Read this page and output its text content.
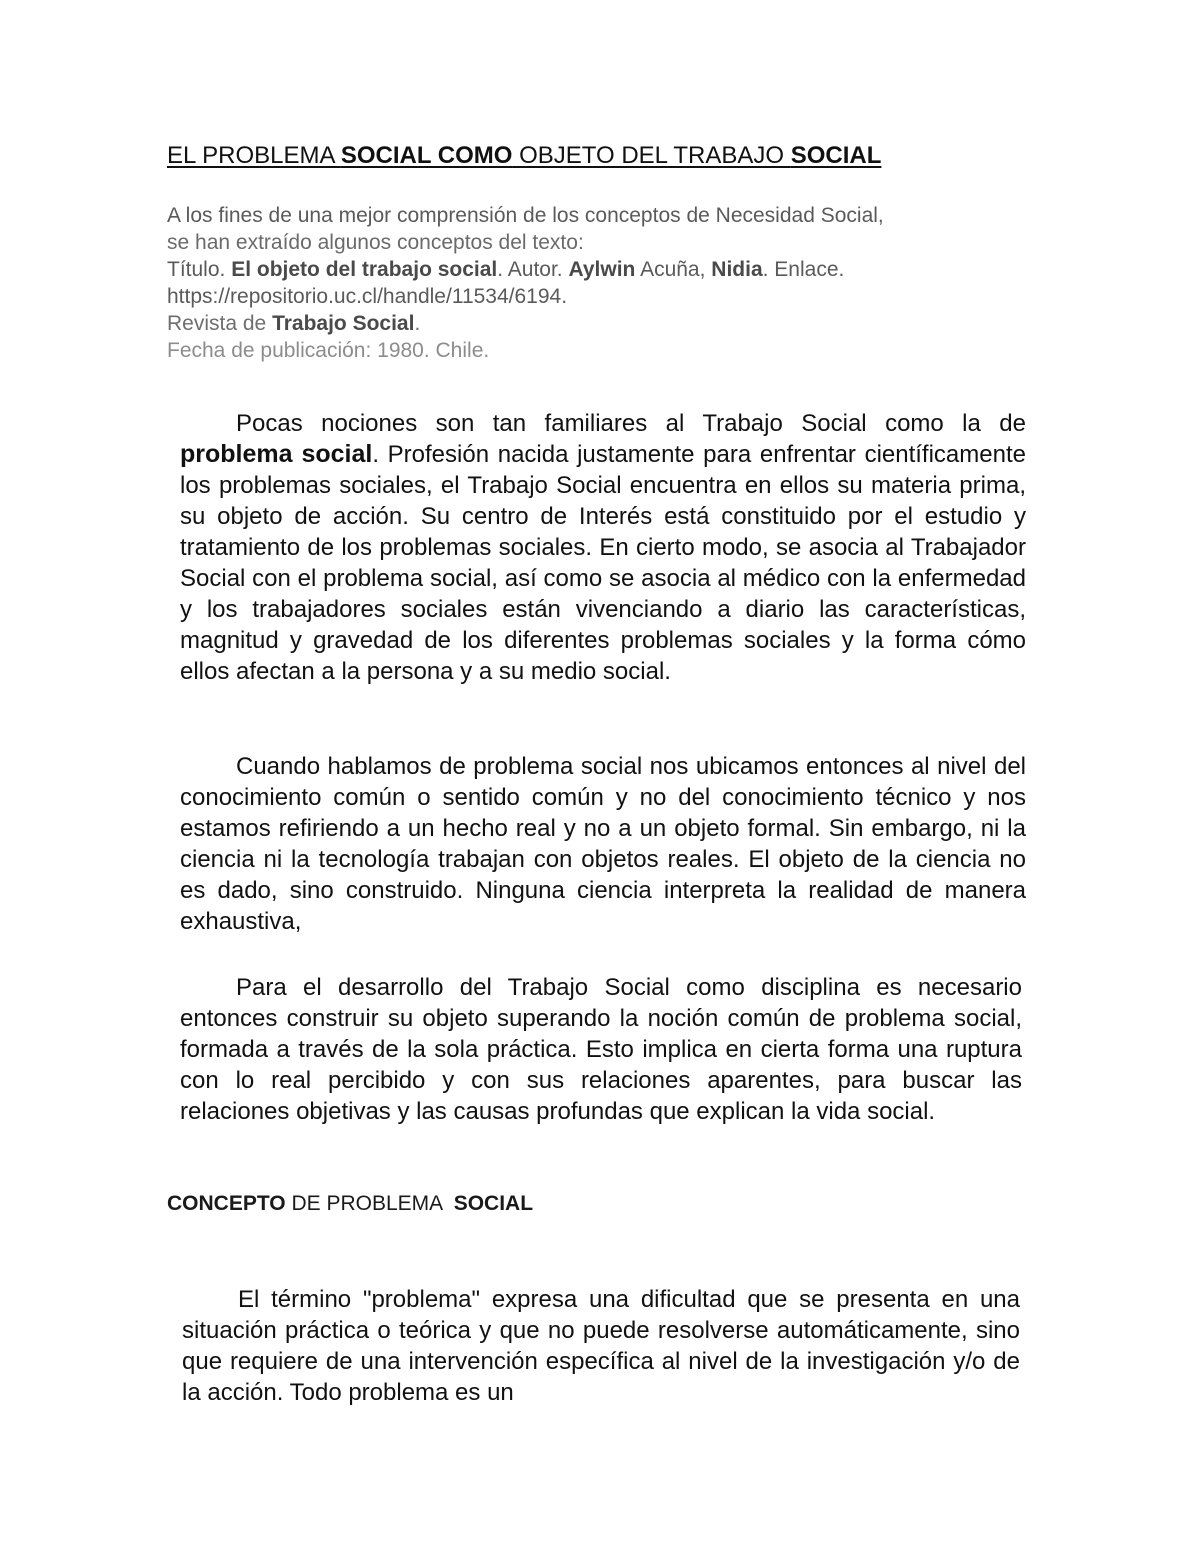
EL PROBLEMA SOCIAL COMO OBJETO DEL TRABAJO SOCIAL
A los fines de una mejor comprensión de los conceptos de Necesidad Social,
se han extraído algunos conceptos del texto:
Título. El objeto del trabajo social. Autor. Aylwin Acuña, Nidia. Enlace.
https://repositorio.uc.cl/handle/11534/6194.
Revista de Trabajo Social.
Fecha de publicación: 1980. Chile.

Pocas nociones son tan familiares al Trabajo Social como la de problema social. Profesión nacida justamente para enfrentar científicamente los problemas sociales, el Trabajo Social encuentra en ellos su materia prima, su objeto de acción. Su centro de Interés está constituido por el estudio y tratamiento de los problemas sociales. En cierto modo, se asocia al Trabajador Social con el problema social, así como se asocia al médico con la enfermedad y los trabajadores sociales están vivenciando a diario las características, magnitud y gravedad de los diferentes problemas sociales y la forma cómo ellos afectan a la persona y a su medio social.

Cuando hablamos de problema social nos ubicamos entonces al nivel del conocimiento común o sentido común y no del conocimiento técnico y nos estamos refiriendo a un hecho real y no a un objeto formal. Sin embargo, ni la ciencia ni la tecnología trabajan con objetos reales. El objeto de la ciencia no es dado, sino construido. Ninguna ciencia interpreta la realidad de manera exhaustiva,

Para el desarrollo del Trabajo Social como disciplina es necesario entonces construir su objeto superando la noción común de problema social, formada a través de la sola práctica. Esto implica en cierta forma una ruptura con lo real percibido y con sus relaciones aparentes, para buscar las relaciones objetivas y las causas profundas que explican la vida social.

CONCEPTO DE PROBLEMA  SOCIAL

El término "problema" expresa una dificultad que se presenta en una situación práctica o teórica y que no puede resolverse automáticamente, sino que requiere de una intervención específica al nivel de la investigación y/o de la acción. Todo problema es un
